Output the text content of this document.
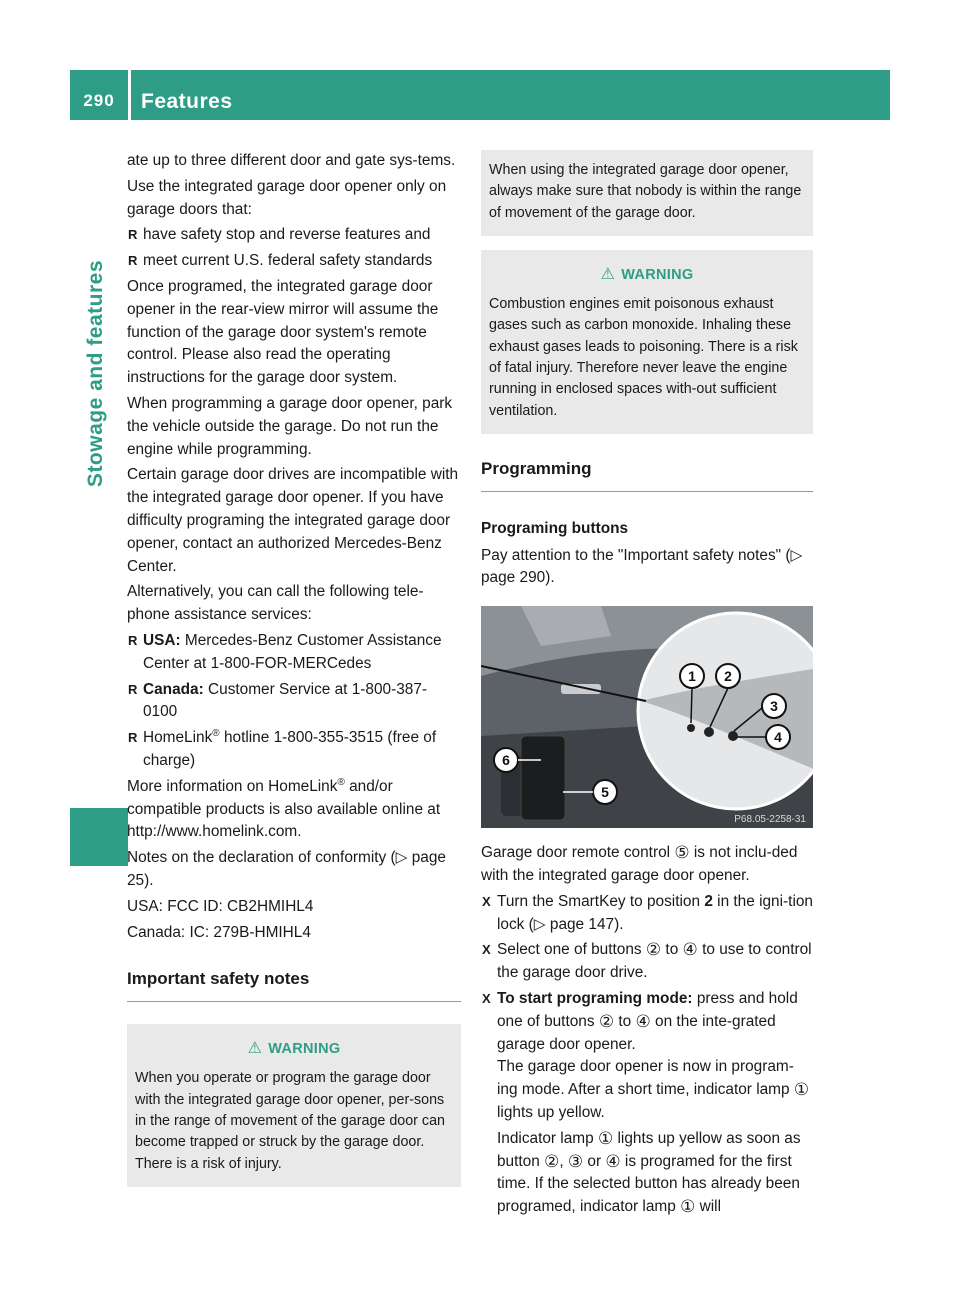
290	Features
Stowage and features

ate up to three different door and gate sys-tems.

Use the integrated garage door opener only on garage doors that:

R have safety stop and reverse features and
R meet current U.S. federal safety standards

Once programed, the integrated garage door opener in the rear-view mirror will assume the function of the garage door system's remote control. Please also read the operating instructions for the garage door system.

When programming a garage door opener, park the vehicle outside the garage. Do not run the engine while programming.

Certain garage door drives are incompatible with the integrated garage door opener. If you have difficulty programing the integrated garage door opener, contact an authorized Mercedes-Benz Center.

Alternatively, you can call the following tele-phone assistance services:

R USA: Mercedes-Benz Customer Assistance Center at 1-800-FOR-MERCedes
R Canada: Customer Service at 1-800-387-0100
R HomeLink® hotline 1-800-355-3515 (free of charge)

More information on HomeLink® and/or compatible products is also available online at http://www.homelink.com.

Notes on the declaration of conformity (▷ page 25).

USA: FCC ID: CB2HMIHL4

Canada: IC: 279B-HMIHL4

Important safety notes
⚠ WARNING
When you operate or program the garage door with the integrated garage door opener, per-sons in the range of movement of the garage door can become trapped or struck by the garage door. There is a risk of injury.
When using the integrated garage door opener, always make sure that nobody is within the range of movement of the garage door.
⚠ WARNING
Combustion engines emit poisonous exhaust gases such as carbon monoxide. Inhaling these exhaust gases leads to poisoning. There is a risk of fatal injury. Therefore never leave the engine running in enclosed spaces with-out sufficient ventilation.
Programming
Programing buttons

Pay attention to the "Important safety notes" (▷ page 290).

1 2
3
4
5
6
P68.05-2258-31

Garage door remote control ⑤ is not inclu-ded with the integrated garage door opener.

X Turn the SmartKey to position 2 in the igni-tion lock (▷ page 147).
X Select one of buttons ② to ④ to use to control the garage door drive.
X To start programing mode: press and hold one of buttons ② to ④ on the inte-grated garage door opener.
The garage door opener is now in program-ing mode. After a short time, indicator lamp ① lights up yellow.
Indicator lamp ① lights up yellow as soon as button ②, ③ or ④ is programed for the first time. If the selected button has already been programed, indicator lamp ① will
